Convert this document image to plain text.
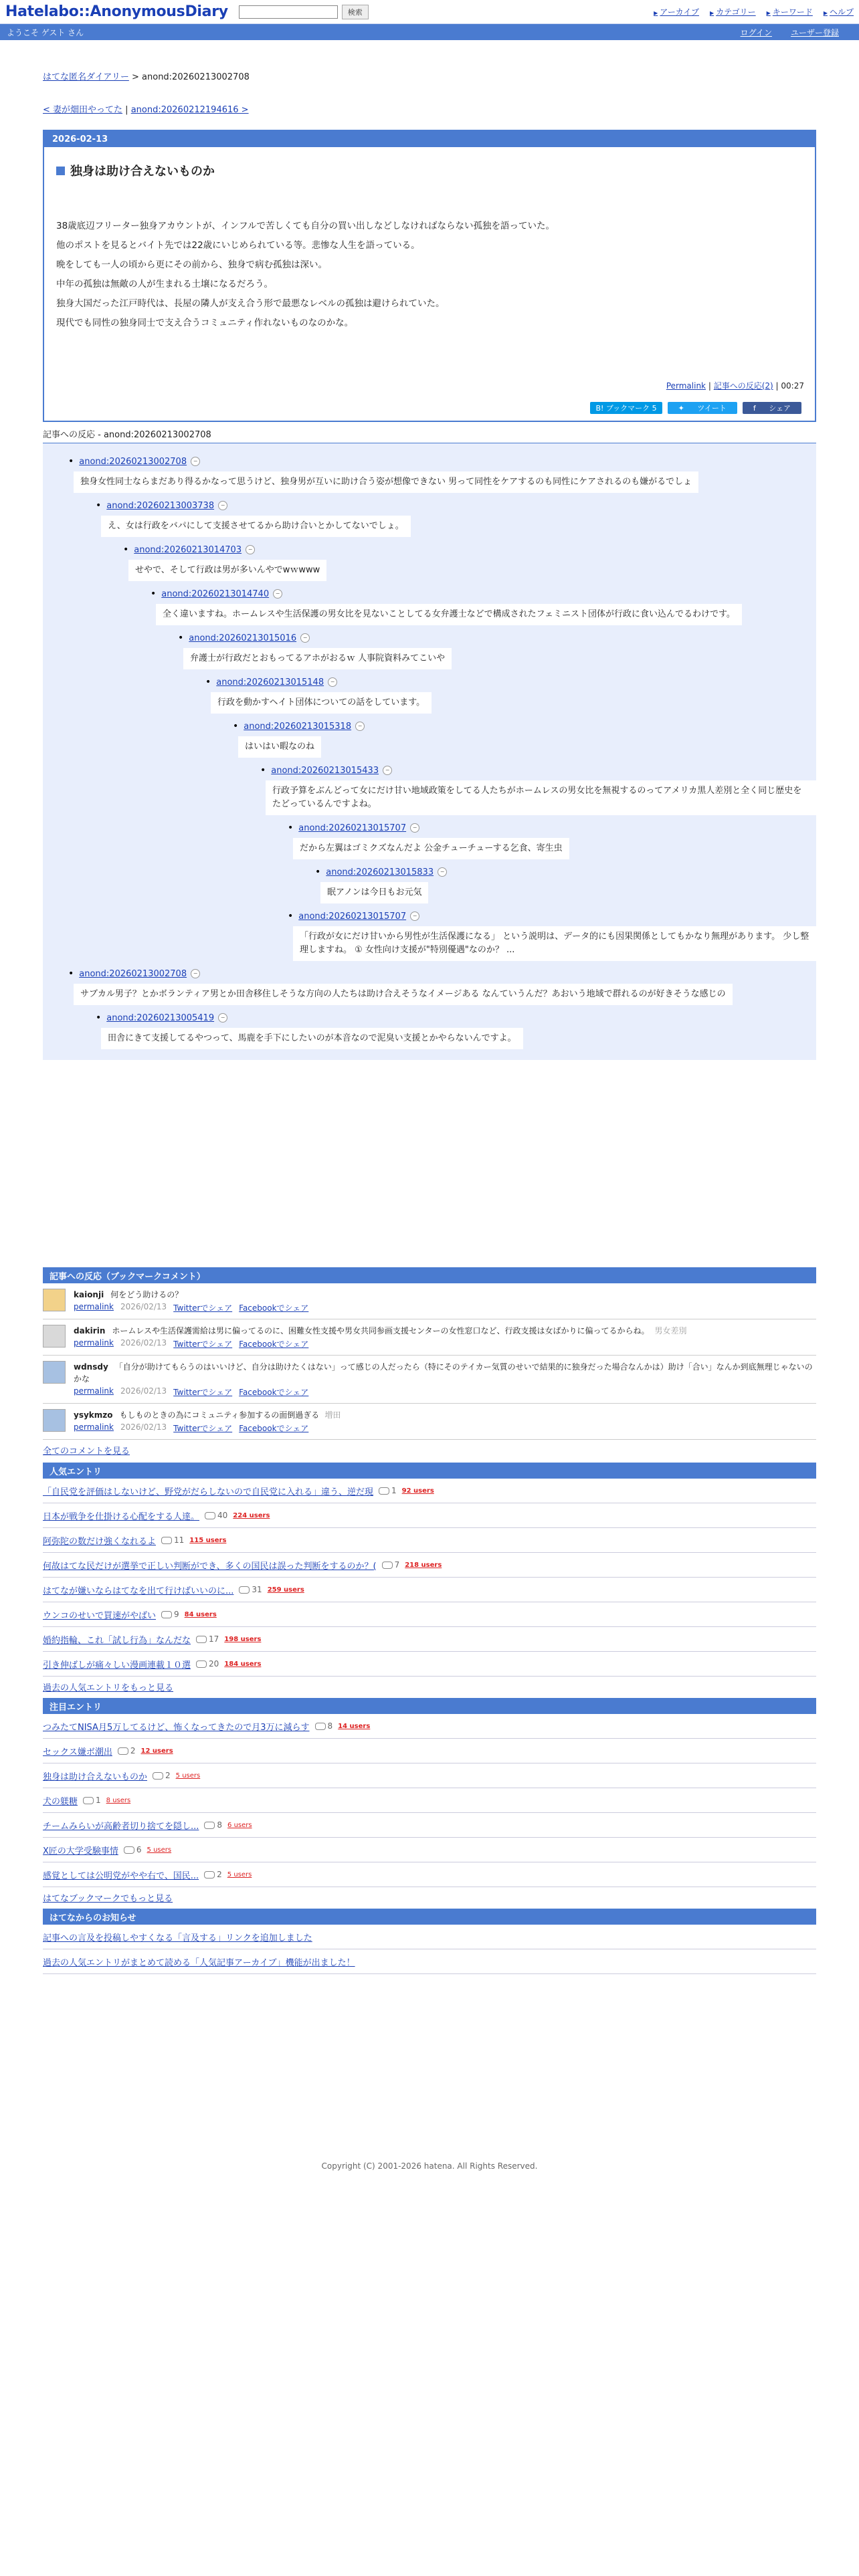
Hatelabo::AnonymousDiary	検索	▶ アーカイブ	▶ カテゴリー	▶ キーワード	▶ ヘルプ
ようこそ ゲスト さん	ログイン ユーザー登録
はてな匿名ダイアリー > anond:20260213002708
< 妻が畑田やってた | anond:20260212194616 >
2026-02-13
独身は助け合えないものか

38歳底辺フリーター独身アカウントが、インフルで苦しくても自分の買い出しなどしなければならない孤独を語っていた。

他のポストを見るとバイト先では22歳にいじめられている等。悲惨な人生を語っている。

晩をしても一人の頃から更にその前から、独身で病む孤独は深い。

中年の孤独は無敵の人が生まれる土壌になるだろう。

独身大国だった江戸時代は、長屋の隣人が支え合う形で最悪なレベルの孤独は避けられていた。

現代でも同性の独身同士で支え合うコミュニティ作れないものなのかな。

Permalink | 記事への反応(2) | 00:27
B! ブックマーク 5	✦	ツイート	f	シェア
記事への反応 - anond:20260213002708
• anond:20260213002708	−
独身女性同士ならまだあり得るかなって思うけど、独身男が互いに助け合う姿が想像できない 男って同性をケアするのも同性にケアされるのも嫌がるでしょ
• anond:20260213003738	−
え、女は行政をバパにして支援させてるから助け合いとかしてないでしょ。
• anond:20260213014703	−
せやで、そして行政は男が多いんやでwｗwww
• anond:20260213014740	−
全く違いますね。ホームレスや生活保護の男女比を見ないことしてる女弁護士などで構成されたフェミニスト団体が行政に食い込んでるわけです。
• anond:20260213015016	−
弁護士が行政だとおもってるアホがおるｗ 人事院資料みてこいや
• anond:20260213015148	−
行政を動かすヘイト団体についての話をしています。
• anond:20260213015318	−
はいはい暇なのね
• anond:20260213015433	−
行政予算をぶんどって女にだけ甘い地域政策をしてる人たちがホームレスの男女比を無視するのってアメリカ黒人差別と全く同じ歴史をたどっているんですよね。
• anond:20260213015707	−
だから左翼はゴミクズなんだよ 公金チューチューする乞食、寄生虫
• anond:20260213015833	−
眠アノンは今日もお元気
• anond:20260213015707	−
「行政が女にだけ甘いから男性が生活保護になる」 という説明は、データ的にも因果関係としてもかなり無理があります。 少し整理しますね。 ① 女性向け支援が"特別優遇"なのか？ ...
• anond:20260213002708	−
サブカル男子？とかボランティア男とか田舎移住しそうな方向の人たちは助け合えそうなイメージある なんていうんだ？あおいう地域で群れるのが好きそうな感じの
• anond:20260213005419	−
田舎にきて支援してるやつって、馬鹿を手下にしたいのが本音なので泥臭い支援とかやらないんですよ。
記事への反応（ブックマークコメント）
kaionji 何をどう助けるの？
permalink 2026/02/13 Twitterでシェア Facebookでシェア
dakirin ホームレスや生活保護需給は男に偏ってるのに、困難女性支援や男女共同参画支援センターの女性窓口など、行政支援は女ばかりに偏ってるからね。 男女差別
permalink 2026/02/13 Twitterでシェア Facebookでシェア
wdnsdy 「自分が助けてもらうのはいいけど、自分は助けたくはない」って感じの人だったら（特にそのテイカー気質のせいで結果的に独身だった場合なんかは）助け「合い」なんか到底無理じゃないのかな
permalink 2026/02/13 Twitterでシェア Facebookでシェア
ysykmzo もしものときの為にコミュニティ参加するの面倒過ぎる 増田
permalink 2026/02/13 Twitterでシェア Facebookでシェア
全てのコメントを見る
人気エントリ
「自民党を評価はしないけど、野党がだらしないので自民党に入れる」違う、逆だ現 1 92 users
日本が戦争を仕掛ける心配をする人達。 40 224 users
阿弥陀の数だけ強くなれるよ 11 115 users
何故はてな民だけが選挙で正しい判断ができ、多くの国民は誤った判断をするのか？( 7 218 users
はてなが嫌いならはてなを出て行けばいいのに... 31 259 users
ウンコのせいで買速がやばい 9 84 users
婚約指輪、これ「試し行為」なんだな 17 198 users
引き伸ばしが痛々しい漫画連載１０選 20 184 users
過去の人気エントリをもっと見る
注目エントリ
つみたてNISA月5万してるけど、怖くなってきたので月3万に減らす 8 14 users
セックス嫌ボ潮出 2 12 users
独身は助け合えないものか 2 5 users
犬の躾糖 1 8 users
チームみらいが高齢者切り捨てを隠し... 8 6 users
X匠の大学受験事情 6 5 users
感覚としては公明党がやや右で、国民... 2 5 users
はてなブックマークでもっと見る
はてなからのお知らせ
記事への言及を投稿しやすくなる「言及する」リンクを追加しました
過去の人気エントリがまとめて読める「人気記事アーカイブ」機能が出ました！
Copyright (C) 2001-2026 hatena. All Rights Reserved.
